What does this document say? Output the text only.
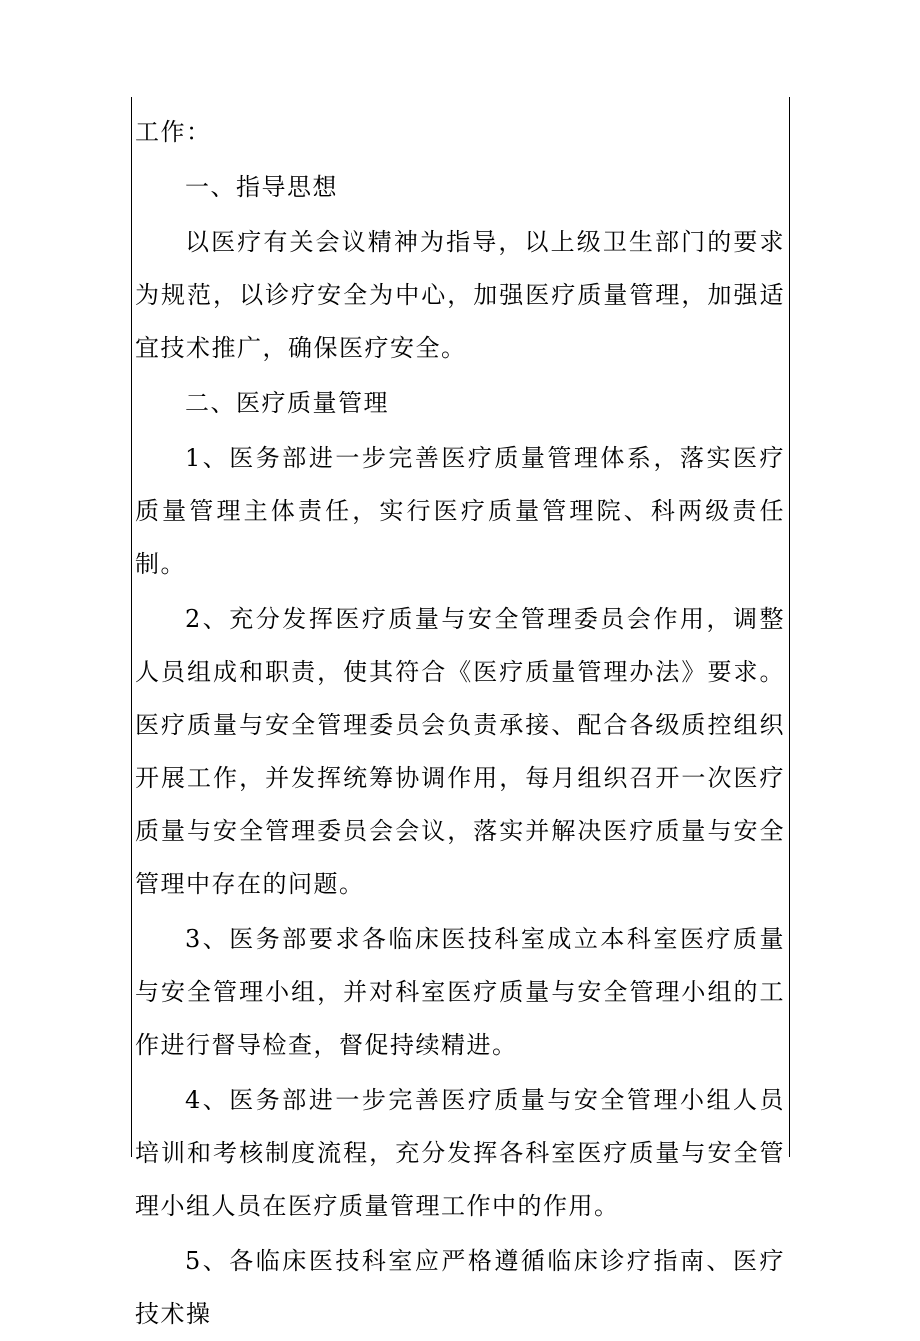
工作：

一、指导思想

以医疗有关会议精神为指导，以上级卫生部门的要求为规范，以诊疗安全为中心，加强医疗质量管理，加强适宜技术推广，确保医疗安全。

二、医疗质量管理

1、医务部进一步完善医疗质量管理体系，落实医疗质量管理主体责任，实行医疗质量管理院、科两级责任制。

2、充分发挥医疗质量与安全管理委员会作用，调整人员组成和职责，使其符合《医疗质量管理办法》要求。医疗质量与安全管理委员会负责承接、配合各级质控组织开展工作，并发挥统筹协调作用，每月组织召开一次医疗质量与安全管理委员会会议，落实并解决医疗质量与安全管理中存在的问题。

3、医务部要求各临床医技科室成立本科室医疗质量与安全管理小组，并对科室医疗质量与安全管理小组的工作进行督导检查，督促持续精进。

4、医务部进一步完善医疗质量与安全管理小组人员培训和考核制度流程，充分发挥各科室医疗质量与安全管理小组人员在医疗质量管理工作中的作用。

5、各临床医技科室应严格遵循临床诊疗指南、医疗技术操
